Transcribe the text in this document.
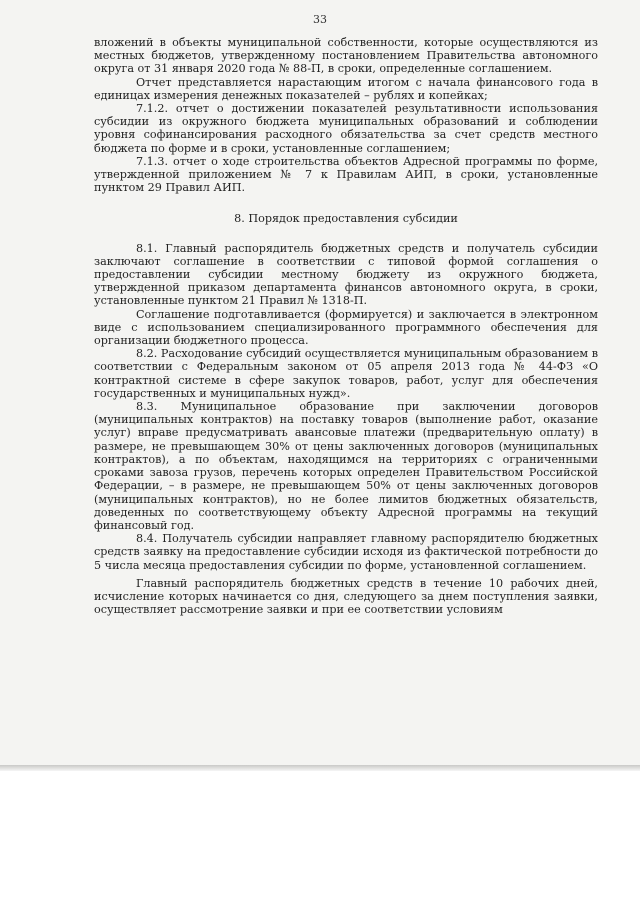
33

вложений в объекты муниципальной собственности, которые осуществляются из местных бюджетов, утвержденному постановлением Правительства автономного округа от 31 января 2020 года № 88-П, в сроки, определенные соглашением.

Отчет представляется нарастающим итогом с начала финансового года в единицах измерения денежных показателей – рублях и копейках;

7.1.2. отчет о достижении показателей результативности использования субсидии из окружного бюджета муниципальных образований и соблюдении уровня софинансирования расходного обязательства за счет средств местного бюджета по форме и в сроки, установленные соглашением;

7.1.3. отчет о ходе строительства объектов Адресной программы по форме, утвержденной приложением № 7 к Правилам АИП, в сроки, установленные пунктом 29 Правил АИП.

8. Порядок предоставления субсидии

8.1. Главный распорядитель бюджетных средств и получатель субсидии заключают соглашение в соответствии с типовой формой соглашения о предоставлении субсидии местному бюджету из окружного бюджета, утвержденной приказом департамента финансов автономного округа, в сроки, установленные пунктом 21 Правил № 1318-П.

Соглашение подготавливается (формируется) и заключается в электронном виде с использованием специализированного программного обеспечения для организации бюджетного процесса.

8.2. Расходование субсидий осуществляется муниципальным образованием в соответствии с Федеральным законом от 05 апреля 2013 года № 44-ФЗ «О контрактной системе в сфере закупок товаров, работ, услуг для обеспечения государственных и муниципальных нужд».

8.3. Муниципальное образование при заключении договоров (муниципальных контрактов) на поставку товаров (выполнение работ, оказание услуг) вправе предусматривать авансовые платежи (предварительную оплату) в размере, не превышающем 30% от цены заключенных договоров (муниципальных контрактов), а по объектам, находящимся на территориях с ограниченными сроками завоза грузов, перечень которых определен Правительством Российской Федерации, – в размере, не превышающем 50% от цены заключенных договоров (муниципальных контрактов), но не более лимитов бюджетных обязательств, доведенных по соответствующему объекту Адресной программы на текущий финансовый год.

8.4. Получатель субсидии направляет главному распорядителю бюджетных средств заявку на предоставление субсидии исходя из фактической потребности до 5 числа месяца предоставления субсидии по форме, установленной соглашением.

Главный распорядитель бюджетных средств в течение 10 рабочих дней, исчисление которых начинается со дня, следующего за днем поступления заявки, осуществляет рассмотрение заявки и при ее соответствии условиям
